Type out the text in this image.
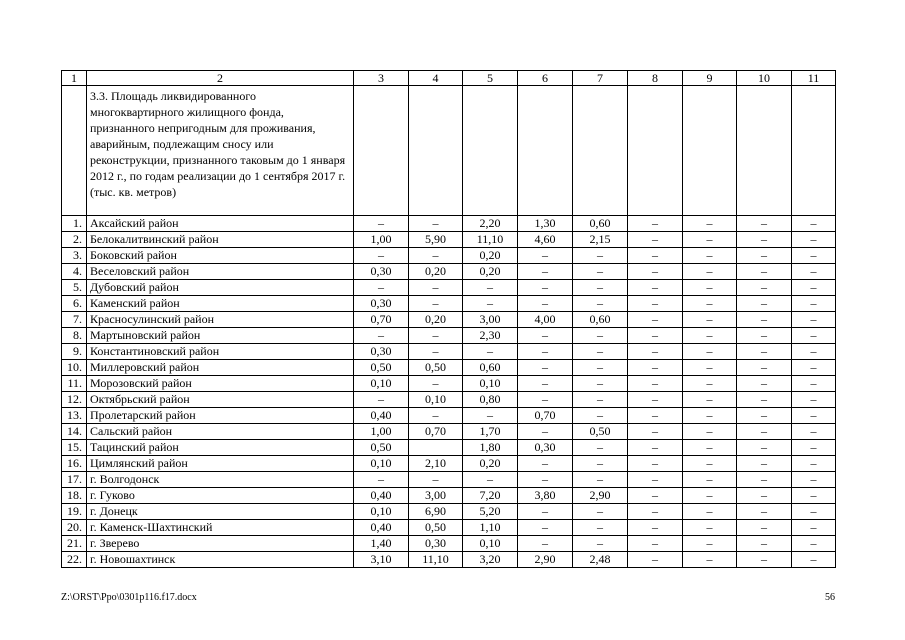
1	2	3	4	5	6	7	8	9	10	11
	3.3. Площадь ликвидированного многоквартирного жилищного фонда, признанного непригодным для проживания, аварийным, подлежащим сносу или реконструкции, признанного таковым до 1 января 2012 г., по годам реализации до 1 сентября 2017 г. (тыс. кв. метров)									
1.	Аксайский район	–	–	2,20	1,30	0,60	–	–	–	–
2.	Белокалитвинский район	1,00	5,90	11,10	4,60	2,15	–	–	–	–
3.	Боковский район	–	–	0,20	–	–	–	–	–	–
4.	Веселовский район	0,30	0,20	0,20	–	–	–	–	–	–
5.	Дубовский район	–	–	–	–	–	–	–	–	–
6.	Каменский район	0,30	–	–	–	–	–	–	–	–
7.	Красносулинский район	0,70	0,20	3,00	4,00	0,60	–	–	–	–
8.	Мартыновский район	–	–	2,30	–	–	–	–	–	–
9.	Константиновский район	0,30	–	–	–	–	–	–	–	–
10.	Миллеровский район	0,50	0,50	0,60	–	–	–	–	–	–
11.	Морозовский район	0,10	–	0,10	–	–	–	–	–	–
12.	Октябрьский район	–	0,10	0,80	–	–	–	–	–	–
13.	Пролетарский район	0,40	–	–	0,70	–	–	–	–	–
14.	Сальский район	1,00	0,70	1,70	–	0,50	–	–	–	–
15.	Тацинский район	0,50		1,80	0,30	–	–	–	–	–
16.	Цимлянский район	0,10	2,10	0,20	–	–	–	–	–	–
17.	г. Волгодонск	–	–	–	–	–	–	–	–	–
18.	г. Гуково	0,40	3,00	7,20	3,80	2,90	–	–	–	–
19.	г. Донецк	0,10	6,90	5,20	–	–	–	–	–	–
20.	г. Каменск-Шахтинский	0,40	0,50	1,10	–	–	–	–	–	–
21.	г. Зверево	1,40	0,30	0,10	–	–	–	–	–	–
22.	г. Новошахтинск	3,10	11,10	3,20	2,90	2,48	–	–	–	–
Z:\ORST\Ppo\0301p116.f17.docx	56
